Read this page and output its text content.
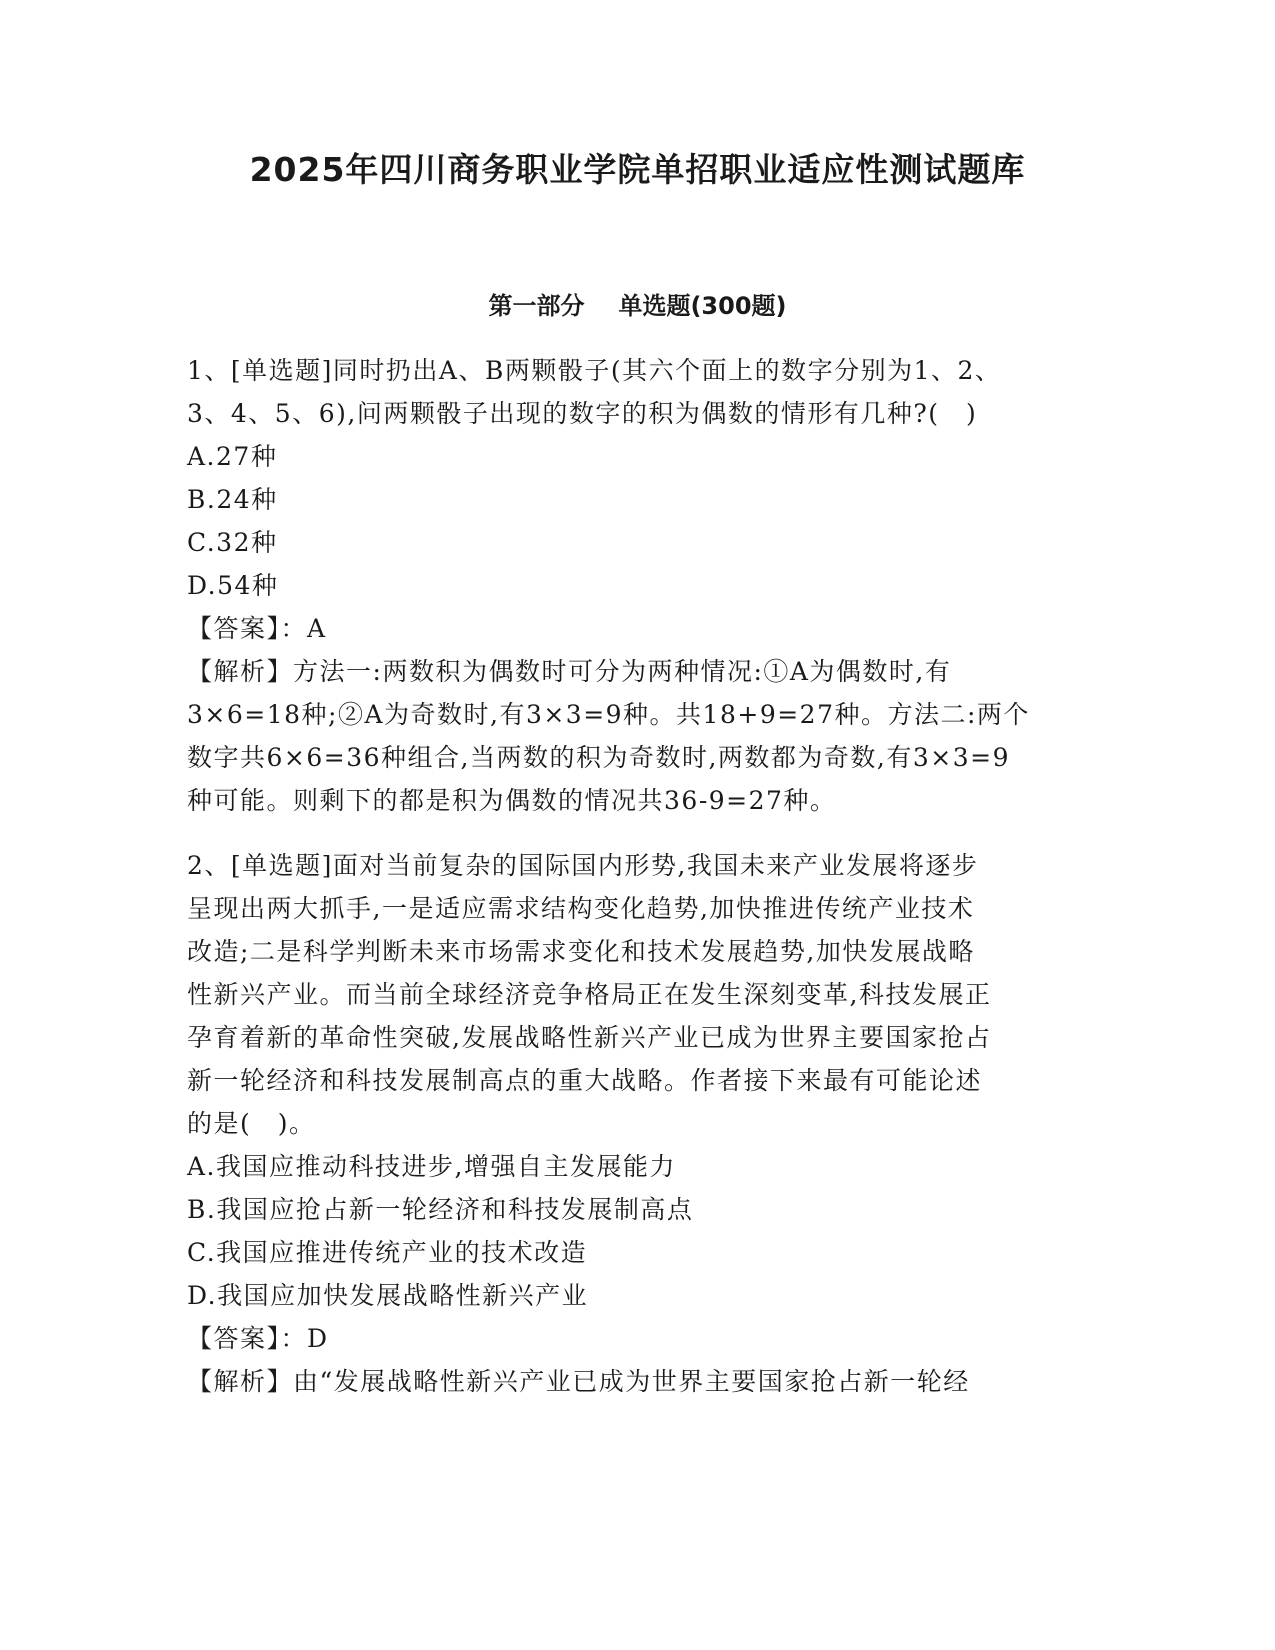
2025年四川商务职业学院单招职业适应性测试题库
第一部分 单选题(300题)
1、[单选题]同时扔出A、B两颗骰子(其六个面上的数字分别为1、2、
3、4、5、6),问两颗骰子出现的数字的积为偶数的情形有几种?(　)
A.27种
B.24种
C.32种
D.54种
【答案】：A
【解析】方法一:两数积为偶数时可分为两种情况:①A为偶数时,有
3×6=18种;②A为奇数时,有3×3=9种。共18+9=27种。方法二:两个
数字共6×6=36种组合,当两数的积为奇数时,两数都为奇数,有3×3=9
种可能。则剩下的都是积为偶数的情况共36-9=27种。
2、[单选题]面对当前复杂的国际国内形势,我国未来产业发展将逐步
呈现出两大抓手,一是适应需求结构变化趋势,加快推进传统产业技术
改造;二是科学判断未来市场需求变化和技术发展趋势,加快发展战略
性新兴产业。而当前全球经济竞争格局正在发生深刻变革,科技发展正
孕育着新的革命性突破,发展战略性新兴产业已成为世界主要国家抢占
新一轮经济和科技发展制高点的重大战略。作者接下来最有可能论述
的是(　)。
A.我国应推动科技进步,增强自主发展能力
B.我国应抢占新一轮经济和科技发展制高点
C.我国应推进传统产业的技术改造
D.我国应加快发展战略性新兴产业
【答案】：D
【解析】由“发展战略性新兴产业已成为世界主要国家抢占新一轮经
